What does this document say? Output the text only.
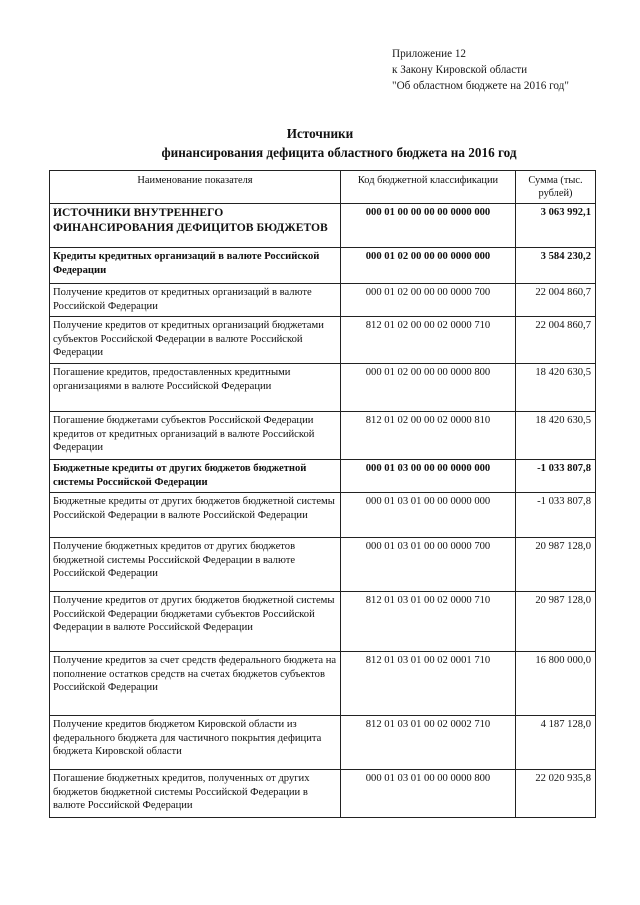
Приложение 12
к Закону Кировской области
"Об областном бюджете на 2016 год"
Источники
финансирования дефицита областного бюджета на 2016 год
Наименование показателя	Код бюджетной классификации	Сумма (тыс. рублей)
ИСТОЧНИКИ ВНУТРЕННЕГО ФИНАНСИРОВАНИЯ ДЕФИЦИТОВ БЮДЖЕТОВ	000 01 00 00 00 00 0000 000	3 063 992,1
Кредиты кредитных организаций в валюте Российской Федерации	000 01 02 00 00 00 0000 000	3 584 230,2
Получение кредитов от кредитных организаций в валюте Российской Федерации	000 01 02 00 00 00 0000 700	22 004 860,7
Получение кредитов от кредитных организаций бюджетами субъектов Российской Федерации в валюте Российской Федерации	812 01 02 00 00 02 0000 710	22 004 860,7
Погашение кредитов, предоставленных кредитными организациями в валюте Российской Федерации	000 01 02 00 00 00 0000 800	18 420 630,5
Погашение бюджетами субъектов Российской Федерации кредитов от кредитных организаций в валюте Российской Федерации	812 01 02 00 00 02 0000 810	18 420 630,5
Бюджетные кредиты от других бюджетов бюджетной системы Российской Федерации	000 01 03 00 00 00 0000 000	-1 033 807,8
Бюджетные кредиты от других бюджетов бюджетной системы Российской Федерации в валюте Российской Федерации	000 01 03 01 00 00 0000 000	-1 033 807,8
Получение бюджетных кредитов от других бюджетов бюджетной системы Российской Федерации в валюте Российской Федерации	000 01 03 01 00 00 0000 700	20 987 128,0
Получение кредитов от других бюджетов бюджетной системы Российской Федерации бюджетами субъектов Российской Федерации в валюте Российской Федерации	812 01 03 01 00 02 0000 710	20 987 128,0
Получение кредитов за счет средств федерального бюджета на пополнение остатков средств на счетах бюджетов субъектов Российской Федерации	812 01 03 01 00 02 0001 710	16 800 000,0
Получение кредитов бюджетом Кировской области из федерального бюджета для частичного покрытия дефицита бюджета Кировской области	812 01 03 01 00 02 0002 710	4 187 128,0
Погашение бюджетных кредитов, полученных от других бюджетов бюджетной системы Российской Федерации в валюте Российской Федерации	000 01 03 01 00 00 0000 800	22 020 935,8
